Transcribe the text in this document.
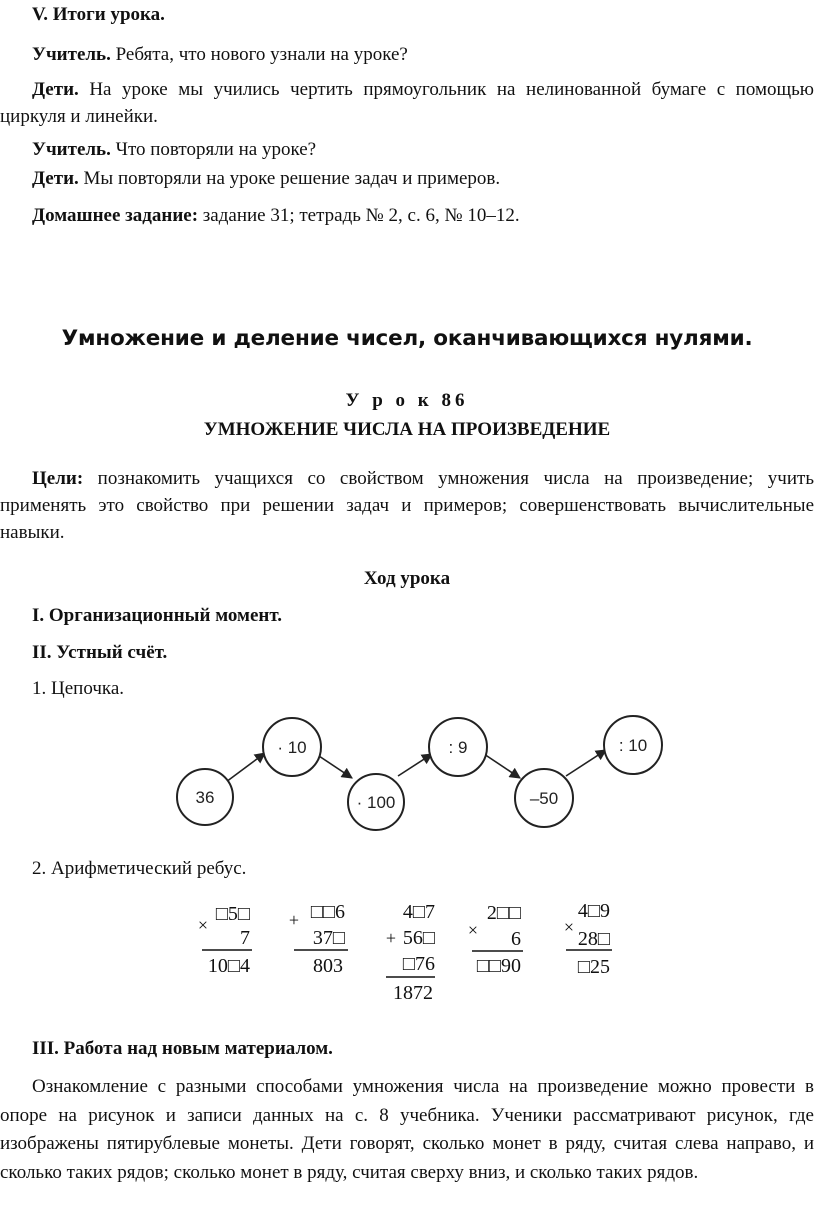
V. Итоги урока.

Учитель. Ребята, что нового узнали на уроке?

Дети. На уроке мы учились чертить прямоугольник на нелинованной бумаге с помощью циркуля и линейки.

Учитель. Что повторяли на уроке?

Дети. Мы повторяли на уроке решение задач и примеров.

Домашнее задание: задание 31; тетрадь № 2, с. 6, № 10–12.

Умножение и деление чисел, оканчивающихся нулями.

У р о к 86

УМНОЖЕНИЕ ЧИСЛА НА ПРОИЗВЕДЕНИЕ

Цели: познакомить учащихся со свойством умножения числа на произведение; учить применять это свойство при решении задач и примеров; совершенствовать вычислительные навыки.

Ход урока

I. Организационный момент.

II. Устный счёт.

1. Цепочка.

36
· 10
· 100
: 9
–50
: 10

2. Арифметический ребус.

× □5□
7
10□4
+ □□6
37□
803
4□7
+ 56□
□76
1872
×
2□□
6
□□90
×
4□9
28□
□25

III. Работа над новым материалом.

Ознакомление с разными способами умножения числа на произведение можно провести в опоре на рисунок и записи данных на с. 8 учебника. Ученики рассматривают рисунок, где изображены пятирублевые монеты. Дети говорят, сколько монет в ряду, считая слева направо, и сколько таких рядов; сколько монет в ряду, считая сверху вниз, и сколько таких рядов.
